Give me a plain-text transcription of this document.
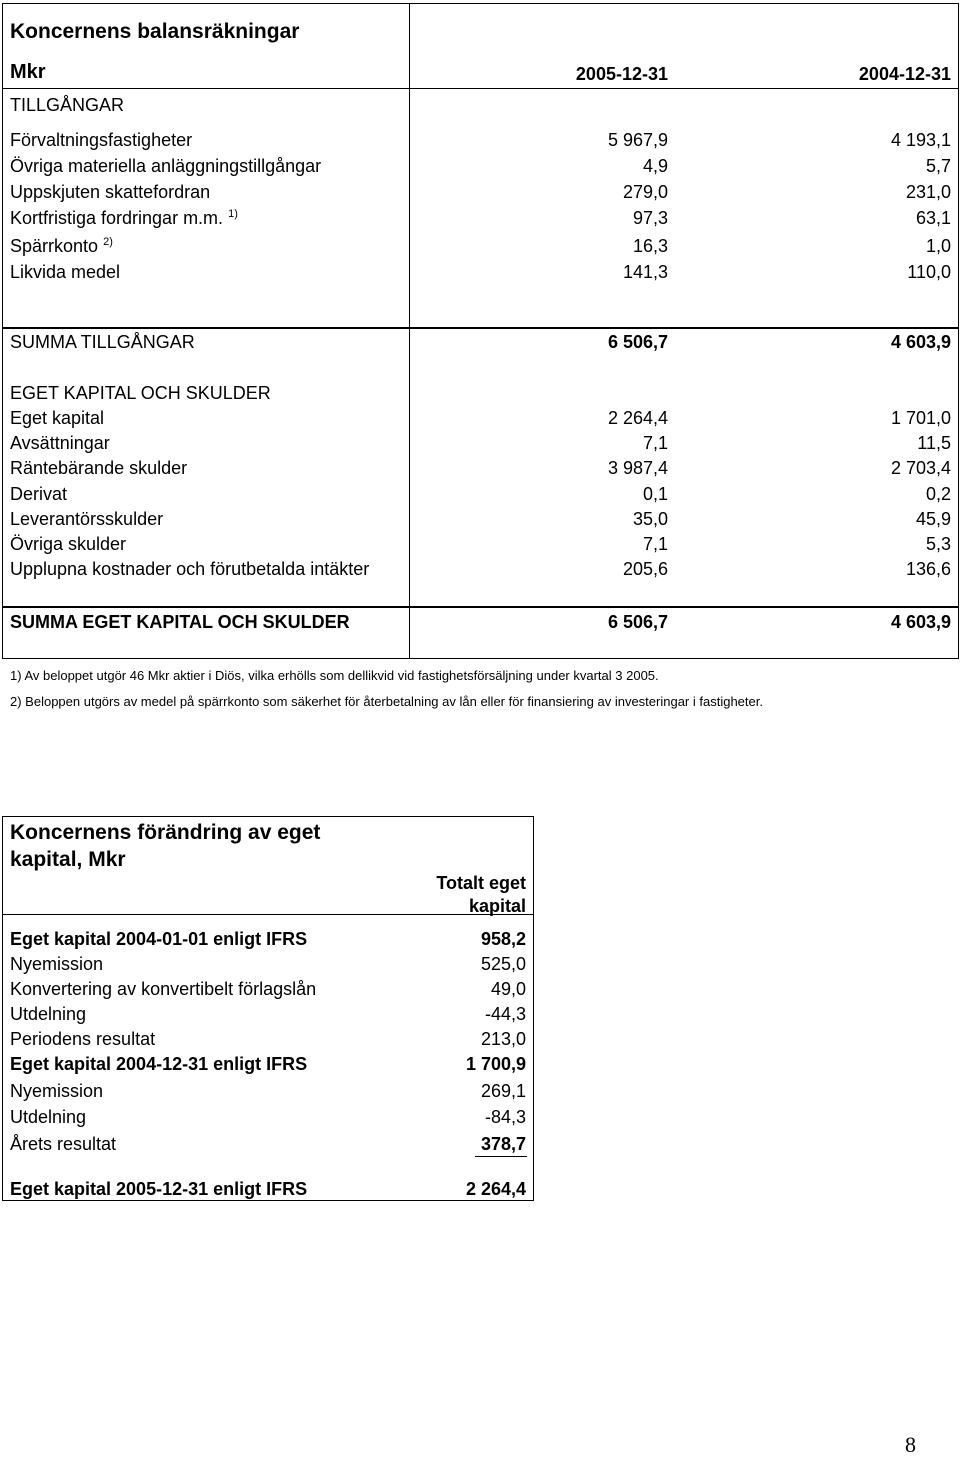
Koncernens balansräkningar
Mkr	2005-12-31	2004-12-31
TILLGÅNGAR
Förvaltningsfastigheter	5 967,9	4 193,1
Övriga materiella anläggningstillgångar	4,9	5,7
Uppskjuten skattefordran	279,0	231,0
Kortfristiga fordringar m.m. $^{1)}$	97,3	63,1
Spärrkonto $^{2)}$	16,3	1,0
Likvida medel	141,3	110,0
SUMMA TILLGÅNGAR	6 506,7	4 603,9
EGET KAPITAL OCH SKULDER
Eget kapital	2 264,4	1 701,0
Avsättningar	7,1	11,5
Räntebärande skulder	3 987,4	2 703,4
Derivat	0,1	0,2
Leverantörsskulder	35,0	45,9
Övriga skulder	7,1	5,3
Upplupna kostnader och förutbetalda intäkter	205,6	136,6
SUMMA EGET KAPITAL OCH SKULDER	6 506,7	4 603,9
1) Av beloppet utgör 46 Mkr aktier i Diös, vilka erhölls som dellikvid vid fastighetsförsäljning under kvartal 3 2005.
2) Beloppen utgörs av medel på spärrkonto som säkerhet för återbetalning av lån eller för finansiering av investeringar i fastigheter.
Koncernens förändring av eget
kapital, Mkr
Totalt eget
kapital
Eget kapital 2004-01-01 enligt IFRS	958,2
Nyemission	525,0
Konvertering av konvertibelt förlagslån	49,0
Utdelning	-44,3
Periodens resultat	213,0
Eget kapital 2004-12-31 enligt IFRS	1 700,9
Nyemission	269,1
Utdelning	-84,3
Årets resultat	378,7
Eget kapital 2005-12-31 enligt IFRS	2 264,4
8
